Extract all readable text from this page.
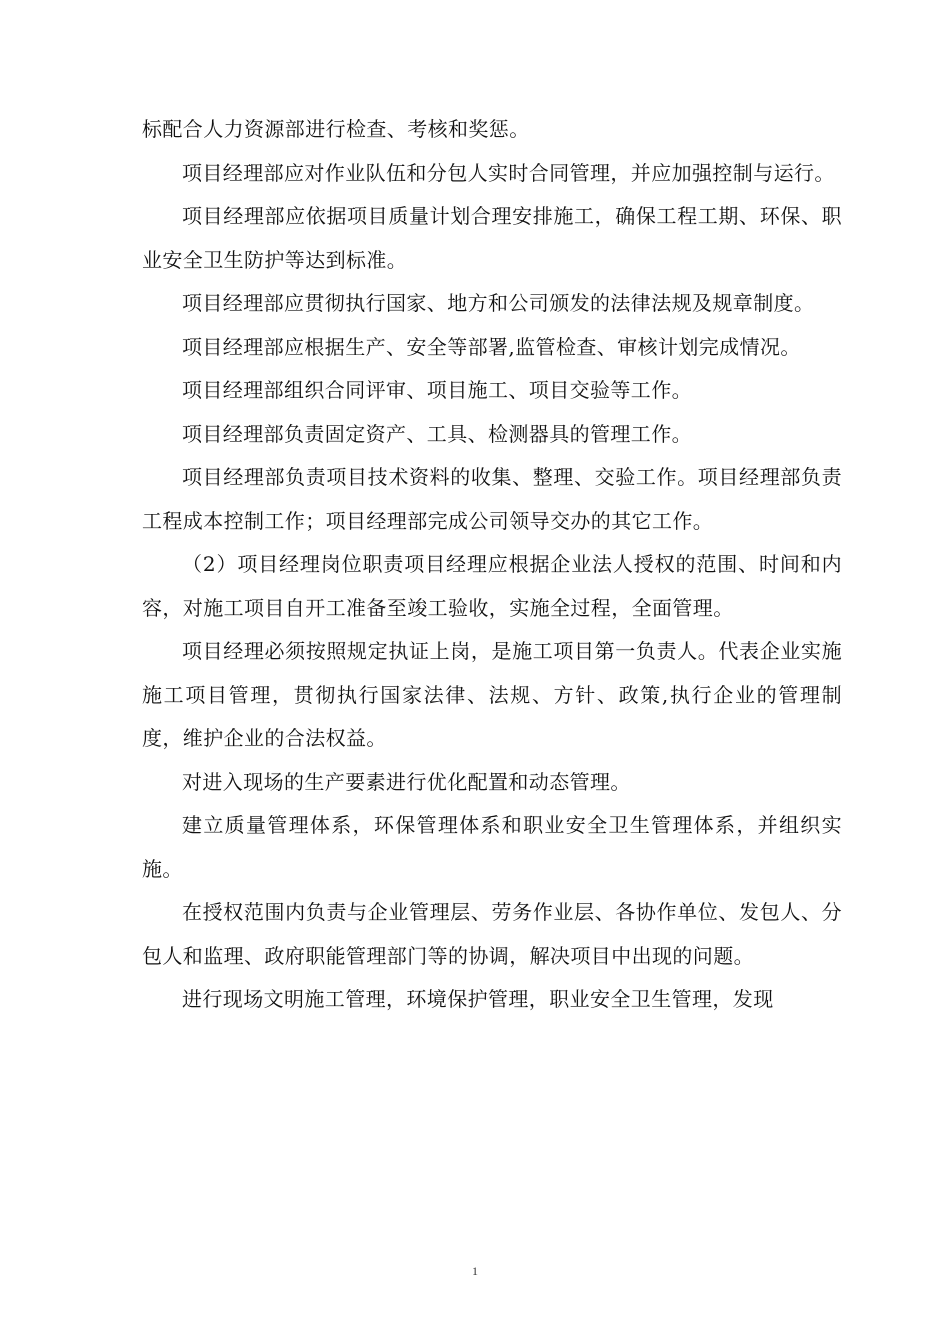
标配合人力资源部进行检查、考核和奖惩。

项目经理部应对作业队伍和分包人实时合同管理，并应加强控制与运行。

项目经理部应依据项目质量计划合理安排施工，确保工程工期、环保、职业安全卫生防护等达到标准。

项目经理部应贯彻执行国家、地方和公司颁发的法律法规及规章制度。

项目经理部应根据生产、安全等部署,监管检查、审核计划完成情况。

项目经理部组织合同评审、项目施工、项目交验等工作。

项目经理部负责固定资产、工具、检测器具的管理工作。

项目经理部负责项目技术资料的收集、整理、交验工作。项目经理部负责工程成本控制工作；项目经理部完成公司领导交办的其它工作。

（2）项目经理岗位职责项目经理应根据企业法人授权的范围、时间和内容，对施工项目自开工准备至竣工验收，实施全过程，全面管理。

项目经理必须按照规定执证上岗，是施工项目第一负责人。代表企业实施施工项目管理，贯彻执行国家法律、法规、方针、政策,执行企业的管理制度，维护企业的合法权益。

对进入现场的生产要素进行优化配置和动态管理。

建立质量管理体系，环保管理体系和职业安全卫生管理体系，并组织实施。

在授权范围内负责与企业管理层、劳务作业层、各协作单位、发包人、分包人和监理、政府职能管理部门等的协调，解决项目中出现的问题。

进行现场文明施工管理，环境保护管理，职业安全卫生管理，发现

1
